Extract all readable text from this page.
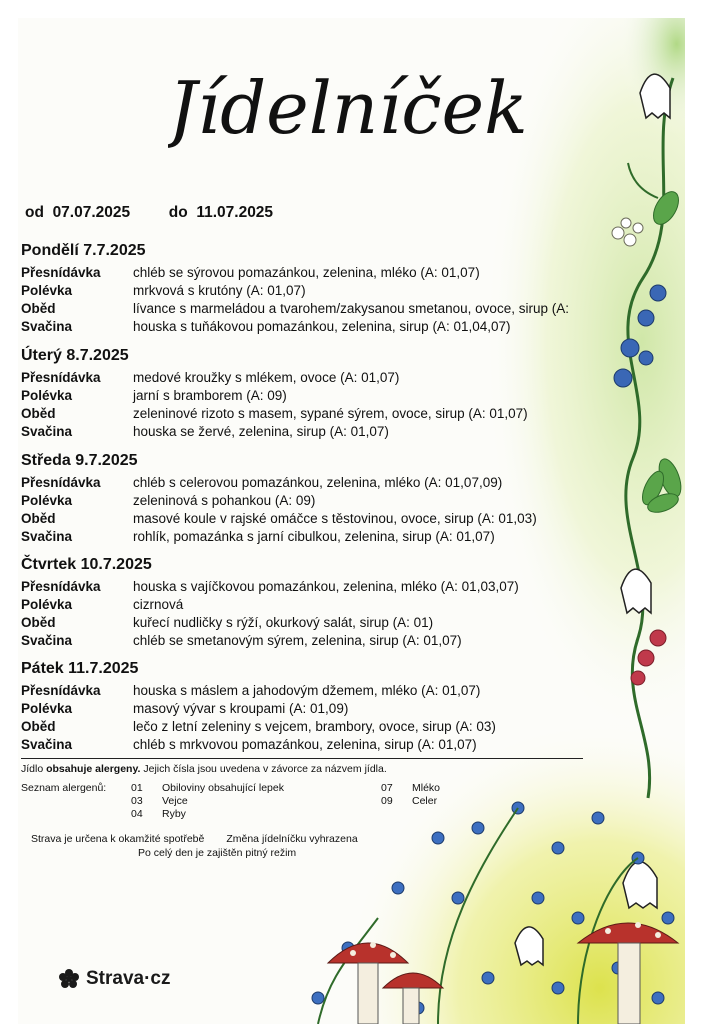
Jídelníček
od 07.07.2025 do 11.07.2025
Pondělí 7.7.2025
Přesnídávka	chléb se sýrovou pomazánkou, zelenina, mléko (A: 01,07)
Polévka	mrkvová s krutóny (A: 01,07)
Oběd	lívance s marmeládou a tvarohem/zakysanou smetanou, ovoce, sirup (A:
Svačina	houska s tuňákovou pomazánkou, zelenina, sirup (A: 01,04,07)
Úterý 8.7.2025
Přesnídávka	medové kroužky s mlékem, ovoce (A: 01,07)
Polévka	jarní s bramborem (A: 09)
Oběd	zeleninové rizoto s masem, sypané sýrem, ovoce, sirup (A: 01,07)
Svačina	houska se žervé, zelenina, sirup (A: 01,07)
Středa 9.7.2025
Přesnídávka	chléb s celerovou pomazánkou, zelenina, mléko (A: 01,07,09)
Polévka	zeleninová s pohankou (A: 09)
Oběd	masové koule v rajské omáčce s těstovinou, ovoce, sirup (A: 01,03)
Svačina	rohlík, pomazánka s jarní cibulkou, zelenina, sirup (A: 01,07)
Čtvrtek 10.7.2025
Přesnídávka	houska s vajíčkovou pomazánkou, zelenina, mléko (A: 01,03,07)
Polévka	cizrnová
Oběd	kuřecí nudličky s rýží, okurkový salát, sirup (A: 01)
Svačina	chléb se smetanovým sýrem, zelenina, sirup (A: 01,07)
Pátek 11.7.2025
Přesnídávka	houska s máslem a jahodovým džemem, mléko (A: 01,07)
Polévka	masový vývar s kroupami (A: 01,09)
Oběd	lečo z letní zeleniny s vejcem, brambory, ovoce, sirup (A: 03)
Svačina	chléb s mrkvovou pomazánkou, zelenina, sirup (A: 01,07)
Jídlo obsahuje alergeny. Jejich čísla jsou uvedena v závorce za názvem jídla.
Seznam alergenů: 01	Obiloviny obsahující lepek
03	Vejce
04	Ryby
07	Mléko
09	Celer
Strava je určena k okamžité spotřebě Změna jídelníčku vyhrazena
Po celý den je zajištěn pitný režim
Strava·cz
